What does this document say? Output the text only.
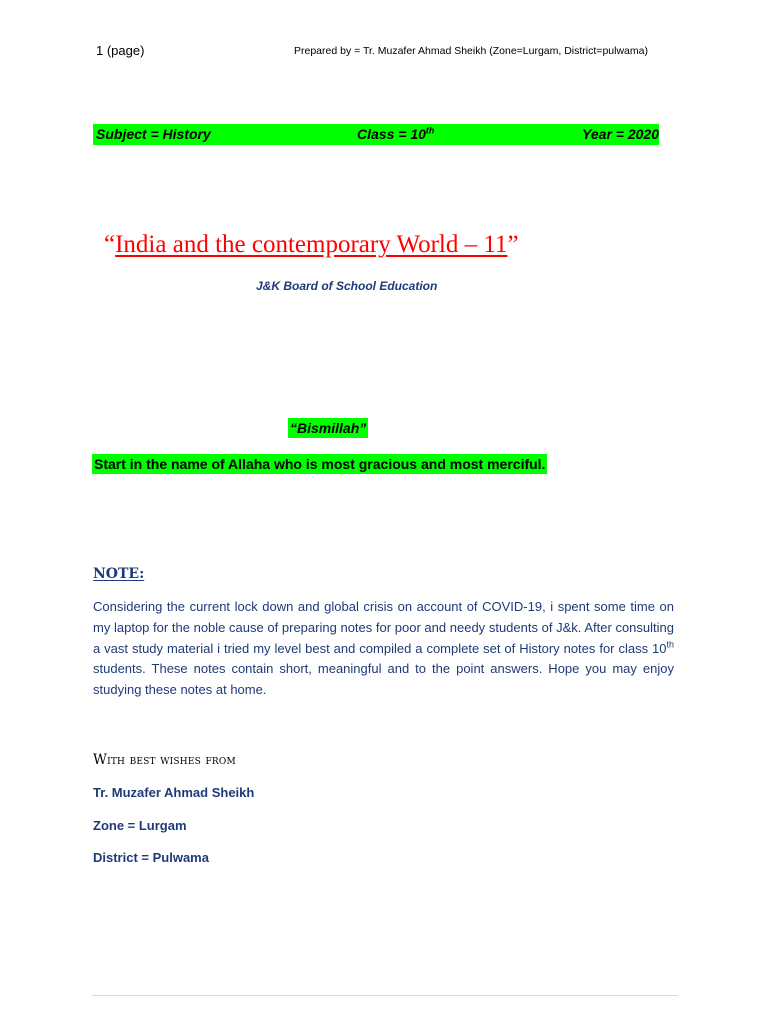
1 (page)	Prepared by = Tr. Muzafer Ahmad Sheikh (Zone=Lurgam, District=pulwama)
Subject = History	Class = 10th	Year = 2020
“India and the contemporary World – 11”
J&K Board of School Education
“Bismillah”
Start in the name of Allaha who is most gracious and most merciful.
NOTE:
Considering the current lock down and global crisis on account of COVID-19, i spent some time on my laptop for the noble cause of preparing notes for poor and needy students of J&k. After consulting a vast study material i tried my level best and compiled a complete set of History notes for class 10th students. These notes contain short, meaningful and to the point answers. Hope you may enjoy studying these notes at home.
With best wishes from
Tr. Muzafer Ahmad Sheikh
Zone = Lurgam
District = Pulwama
